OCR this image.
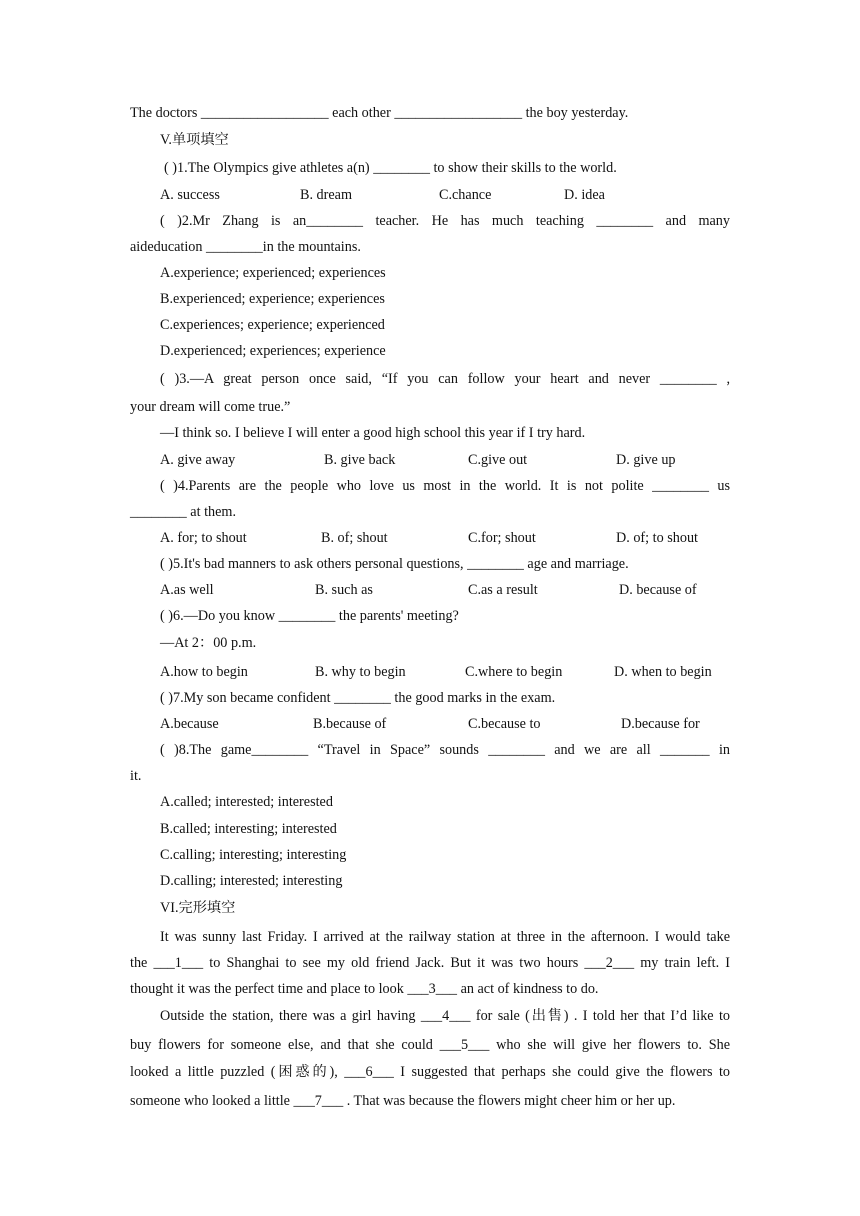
The doctors __________________ each other __________________ the boy yesterday.
V.单项填空
( )1.The Olympics give athletes a(n) ________ to show their skills to the world.
A. success	B. dream	C.chance	D. idea
( )2.Mr Zhang is an________ teacher. He has much teaching ________ and many
aideducation ________in the mountains.
A.experience; experienced; experiences
B.experienced; experience; experiences
C.experiences; experience; experienced
D.experienced; experiences; experience
( )3.—A great person once said, “If you can follow your heart and never ________ ,
your dream will come true.”
—I think so. I believe I will enter a good high school this year if I try hard.
A. give away	B. give back	C.give out	D. give up
( )4.Parents are the people who love us most in the world. It is not polite ________ us
________ at them.
A. for; to shout	B. of; shout	C.for; shout	D. of; to shout
( )5.It's bad manners to ask others personal questions, ________ age and marriage.
A.as well	B. such as	C.as a result	D. because of
( )6.—Do you know ________ the parents' meeting?
—At 2：00 p.m.
A.how to begin	B. why to begin	C.where to begin	D. when to begin
( )7.My son became confident ________ the good marks in the exam.
A.because	B.because of	C.because to	D.because for
( )8.The game________ “Travel in Space” sounds ________ and we are all _______ in
it.
A.called; interested; interested
B.called; interesting; interested
C.calling; interesting; interesting
D.calling; interested; interesting
VI.完形填空
It was sunny last Friday. I arrived at the railway station at three in the afternoon. I would take
the ___1___ to Shanghai to see my old friend Jack. But it was two hours ___2___ my train left. I
thought it was the perfect time and place to look ___3___ an act of kindness to do.
Outside the station, there was a girl having ___4___ for sale (出售) . I told her that I’d like to
buy flowers for someone else, and that she could ___5___ who she will give her flowers to. She
looked a little puzzled (困惑的), ___6___ I suggested that perhaps she could give the flowers to
someone who looked a little ___7___ . That was because the flowers might cheer him or her up.
